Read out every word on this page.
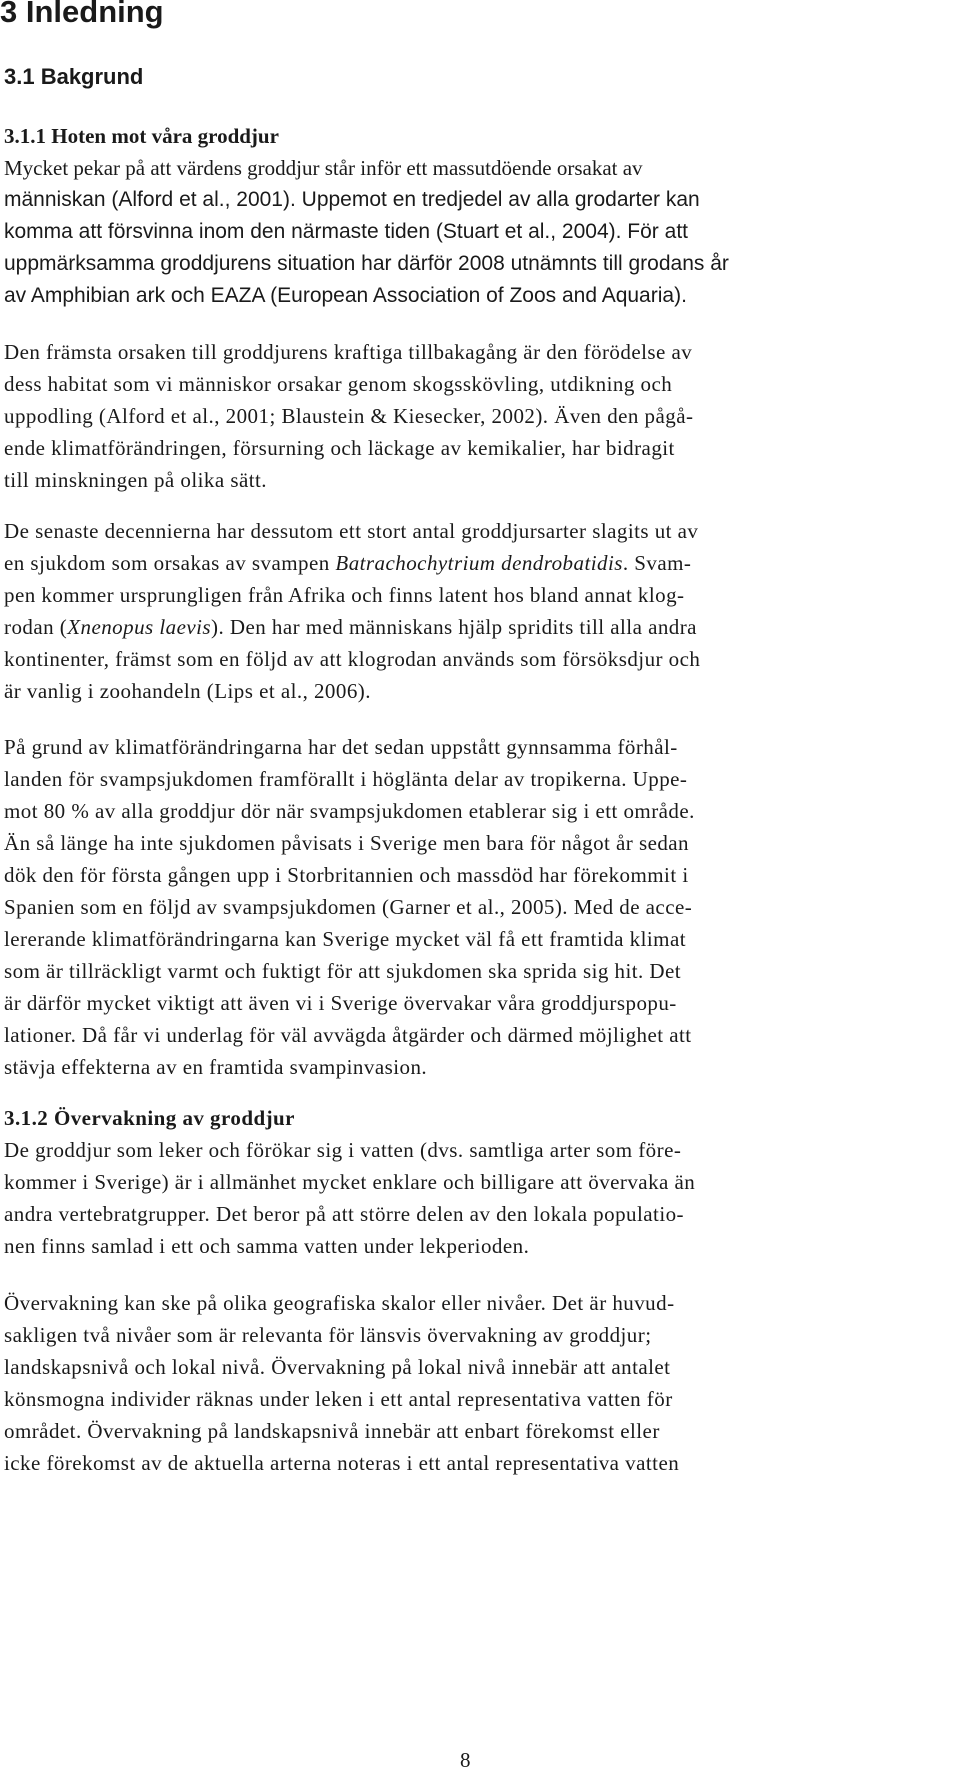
3 Inledning
3.1 Bakgrund
3.1.1 Hoten mot våra groddjur
Mycket pekar på att värdens groddjur står inför ett massutdöende orsakat av
människan (Alford et al., 2001). Uppemot en tredjedel av alla grodarter kan
komma att försvinna inom den närmaste tiden (Stuart et al., 2004). För att
uppmärksamma groddjurens situation har därför 2008 utnämnts till grodans år
av Amphibian ark och EAZA (European Association of Zoos and Aquaria).
Den främsta orsaken till groddjurens kraftiga tillbakagång är den förödelse av
dess habitat som vi människor orsakar genom skogsskövling, utdikning och
uppodling (Alford et al., 2001; Blaustein & Kiesecker, 2002). Även den pågå-
ende klimatförändringen, försurning och läckage av kemikalier, har bidragit
till minskningen på olika sätt.
De senaste decennierna har dessutom ett stort antal groddjursarter slagits ut av
en sjukdom som orsakas av svampen Batrachochytrium dendrobatidis. Svam-
pen kommer ursprungligen från Afrika och finns latent hos bland annat klog-
rodan (Xnenopus laevis). Den har med människans hjälp spridits till alla andra
kontinenter, främst som en följd av att klogrodan används som försöksdjur och
är vanlig i zoohandeln (Lips et al., 2006).
På grund av klimatförändringarna har det sedan uppstått gynnsamma förhål-
landen för svampsjukdomen framförallt i högläntа delar av tropikerna. Uppe-
mot 80 % av alla groddjur dör när svampsjukdomen etablerar sig i ett område.
Än så länge ha inte sjukdomen påvisats i Sverige men bara för något år sedan
dök den för första gången upp i Storbritannien och massdöd har förekommit i
Spanien som en följd av svampsjukdomen (Garner et al., 2005). Med de acce-
lererande klimatförändringarna kan Sverige mycket väl få ett framtida klimat
som är tillräckligt varmt och fuktigt för att sjukdomen ska sprida sig hit. Det
är därför mycket viktigt att även vi i Sverige övervakar våra groddjurspopu-
lationer. Då får vi underlag för väl avvägda åtgärder och därmed möjlighet att
stävja effekterna av en framtida svampinvasion.
3.1.2 Övervakning av groddjur
De groddjur som leker och förökar sig i vatten (dvs. samtliga arter som före-
kommer i Sverige) är i allmänhet mycket enklare och billigare att övervaka än
andra vertebratgrupper. Det beror på att större delen av den lokala populatio-
nen finns samlad i ett och samma vatten under lekperioden.
Övervakning kan ske på olika geografiska skalor eller nivåer. Det är huvud-
sakligen två nivåer som är relevanta för länsvis övervakning av groddjur;
landskapsnivå och lokal nivå. Övervakning på lokal nivå innebär att antalet
könsmogna individer räknas under leken i ett antal representativa vatten för
området. Övervakning på landskapsnivå innebär att enbart förekomst eller
icke förekomst av de aktuella arterna noteras i ett antal representativa vatten

8
